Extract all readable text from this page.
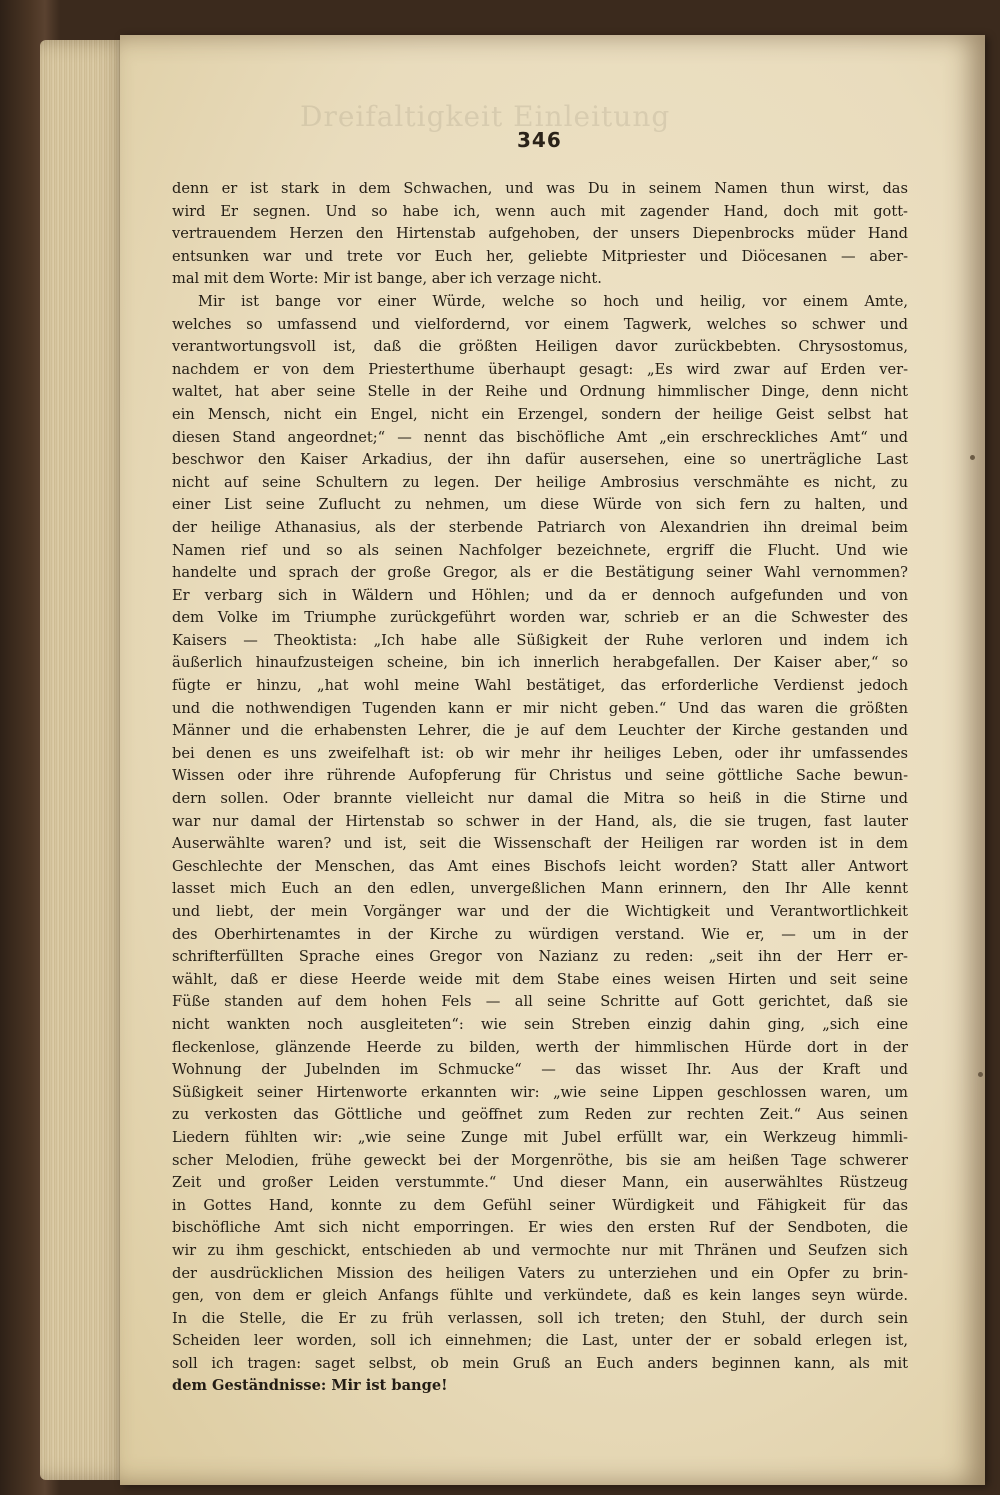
Dreifaltigkeit Einleitung
346
denn er ist stark in dem Schwachen, und was Du in seinem Namen thun wirst, das
wird Er segnen. Und so habe ich, wenn auch mit zagender Hand, doch mit gott-
vertrauendem Herzen den Hirtenstab aufgehoben, der unsers Diepenbrocks müder Hand
entsunken war und trete vor Euch her, geliebte Mitpriester und Diöcesanen — aber-
mal mit dem Worte: Mir ist bange, aber ich verzage nicht.
Mir ist bange vor einer Würde, welche so hoch und heilig, vor einem Amte,
welches so umfassend und vielfordernd, vor einem Tagwerk, welches so schwer und
verantwortungsvoll ist, daß die größten Heiligen davor zurückbebten. Chrysostomus,
nachdem er von dem Priesterthume überhaupt gesagt: „Es wird zwar auf Erden ver-
waltet, hat aber seine Stelle in der Reihe und Ordnung himmlischer Dinge, denn nicht
ein Mensch, nicht ein Engel, nicht ein Erzengel, sondern der heilige Geist selbst hat
diesen Stand angeordnet;“ — nennt das bischöfliche Amt „ein erschreckliches Amt“ und
beschwor den Kaiser Arkadius, der ihn dafür ausersehen, eine so unerträgliche Last
nicht auf seine Schultern zu legen. Der heilige Ambrosius verschmähte es nicht, zu
einer List seine Zuflucht zu nehmen, um diese Würde von sich fern zu halten, und
der heilige Athanasius, als der sterbende Patriarch von Alexandrien ihn dreimal beim
Namen rief und so als seinen Nachfolger bezeichnete, ergriff die Flucht. Und wie
handelte und sprach der große Gregor, als er die Bestätigung seiner Wahl vernommen?
Er verbarg sich in Wäldern und Höhlen; und da er dennoch aufgefunden und von
dem Volke im Triumphe zurückgeführt worden war, schrieb er an die Schwester des
Kaisers — Theoktista: „Ich habe alle Süßigkeit der Ruhe verloren und indem ich
äußerlich hinaufzusteigen scheine, bin ich innerlich herabgefallen. Der Kaiser aber,“ so
fügte er hinzu, „hat wohl meine Wahl bestätiget, das erforderliche Verdienst jedoch
und die nothwendigen Tugenden kann er mir nicht geben.“ Und das waren die größten
Männer und die erhabensten Lehrer, die je auf dem Leuchter der Kirche gestanden und
bei denen es uns zweifelhaft ist: ob wir mehr ihr heiliges Leben, oder ihr umfassendes
Wissen oder ihre rührende Aufopferung für Christus und seine göttliche Sache bewun-
dern sollen. Oder brannte vielleicht nur damal die Mitra so heiß in die Stirne und
war nur damal der Hirtenstab so schwer in der Hand, als, die sie trugen, fast lauter
Auserwählte waren? und ist, seit die Wissenschaft der Heiligen rar worden ist in dem
Geschlechte der Menschen, das Amt eines Bischofs leicht worden? Statt aller Antwort
lasset mich Euch an den edlen, unvergeßlichen Mann erinnern, den Ihr Alle kennt
und liebt, der mein Vorgänger war und der die Wichtigkeit und Verantwortlichkeit
des Oberhirtenamtes in der Kirche zu würdigen verstand. Wie er, — um in der
schrifterfüllten Sprache eines Gregor von Nazianz zu reden: „seit ihn der Herr er-
wählt, daß er diese Heerde weide mit dem Stabe eines weisen Hirten und seit seine
Füße standen auf dem hohen Fels — all seine Schritte auf Gott gerichtet, daß sie
nicht wankten noch ausgleiteten“: wie sein Streben einzig dahin ging, „sich eine
fleckenlose, glänzende Heerde zu bilden, werth der himmlischen Hürde dort in der
Wohnung der Jubelnden im Schmucke“ — das wisset Ihr. Aus der Kraft und
Süßigkeit seiner Hirtenworte erkannten wir: „wie seine Lippen geschlossen waren, um
zu verkosten das Göttliche und geöffnet zum Reden zur rechten Zeit.“ Aus seinen
Liedern fühlten wir: „wie seine Zunge mit Jubel erfüllt war, ein Werkzeug himmli-
scher Melodien, frühe geweckt bei der Morgenröthe, bis sie am heißen Tage schwerer
Zeit und großer Leiden verstummte.“ Und dieser Mann, ein auserwähltes Rüstzeug
in Gottes Hand, konnte zu dem Gefühl seiner Würdigkeit und Fähigkeit für das
bischöfliche Amt sich nicht emporringen. Er wies den ersten Ruf der Sendboten, die
wir zu ihm geschickt, entschieden ab und vermochte nur mit Thränen und Seufzen sich
der ausdrücklichen Mission des heiligen Vaters zu unterziehen und ein Opfer zu brin-
gen, von dem er gleich Anfangs fühlte und verkündete, daß es kein langes seyn würde.
In die Stelle, die Er zu früh verlassen, soll ich treten; den Stuhl, der durch sein
Scheiden leer worden, soll ich einnehmen; die Last, unter der er sobald erlegen ist,
soll ich tragen: saget selbst, ob mein Gruß an Euch anders beginnen kann, als mit
dem Geständnisse: Mir ist bange!
